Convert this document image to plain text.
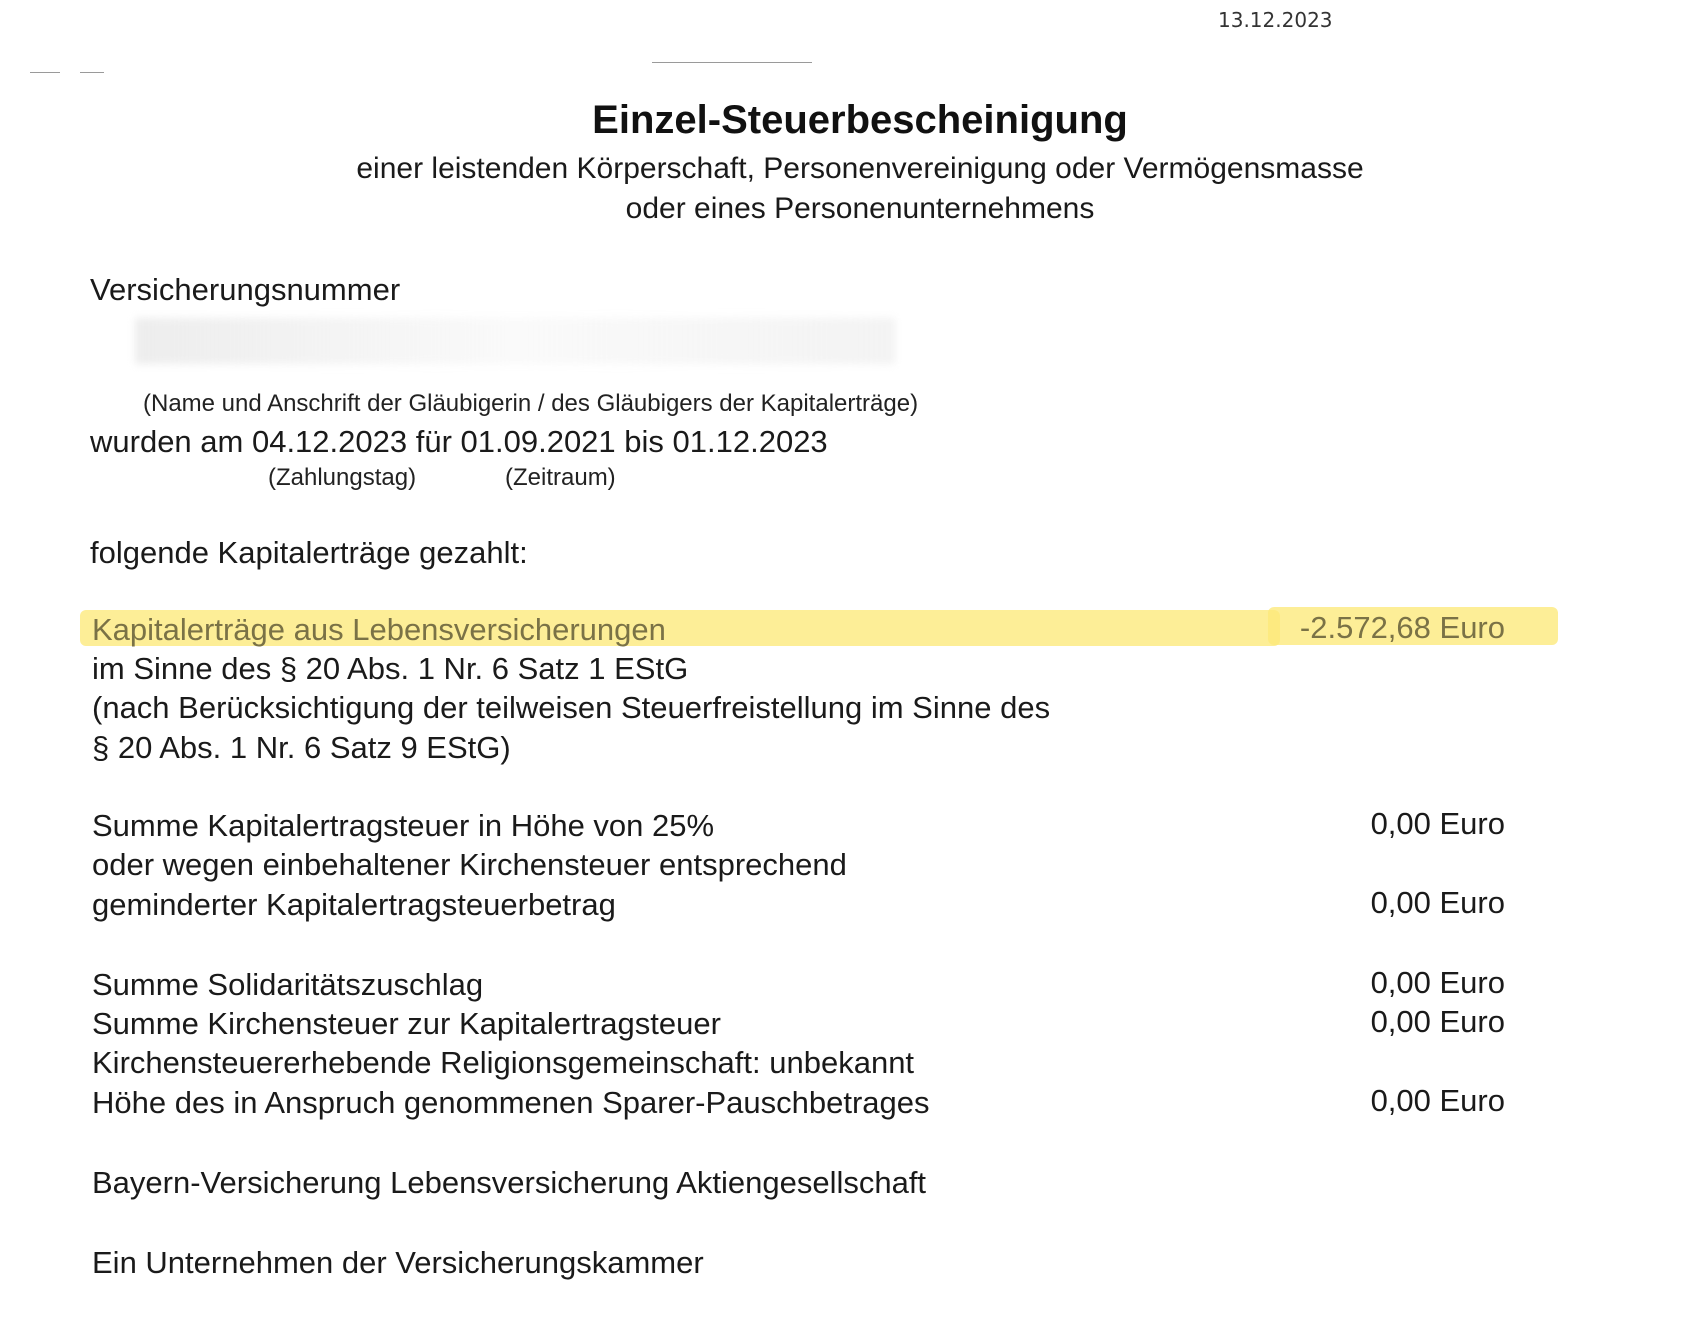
13.12.2023
Einzel-Steuerbescheinigung
einer leistenden Körperschaft, Personenvereinigung oder Vermögensmasse
oder eines Personenunternehmens
Versicherungsnummer
(Name und Anschrift der Gläubigerin / des Gläubigers der Kapitalerträge)
wurden am 04.12.2023 für 01.09.2021 bis 01.12.2023
(Zahlungstag)	(Zeitraum)
folgende Kapitalerträge gezahlt:
Kapitalerträge aus Lebensversicherungen	-2.572,68 Euro
im Sinne des § 20 Abs. 1 Nr. 6 Satz 1 EStG
(nach Berücksichtigung der teilweisen Steuerfreistellung im Sinne des
§ 20 Abs. 1 Nr. 6 Satz 9 EStG)
Summe Kapitalertragsteuer in Höhe von 25%	0,00 Euro
oder wegen einbehaltener Kirchensteuer entsprechend
geminderter Kapitalertragsteuerbetrag	0,00 Euro
Summe Solidaritätszuschlag	0,00 Euro
Summe Kirchensteuer zur Kapitalertragsteuer	0,00 Euro
Kirchensteuererhebende Religionsgemeinschaft: unbekannt
Höhe des in Anspruch genommenen Sparer-Pauschbetrages	0,00 Euro
Bayern-Versicherung Lebensversicherung Aktiengesellschaft
Ein Unternehmen der Versicherungskammer
